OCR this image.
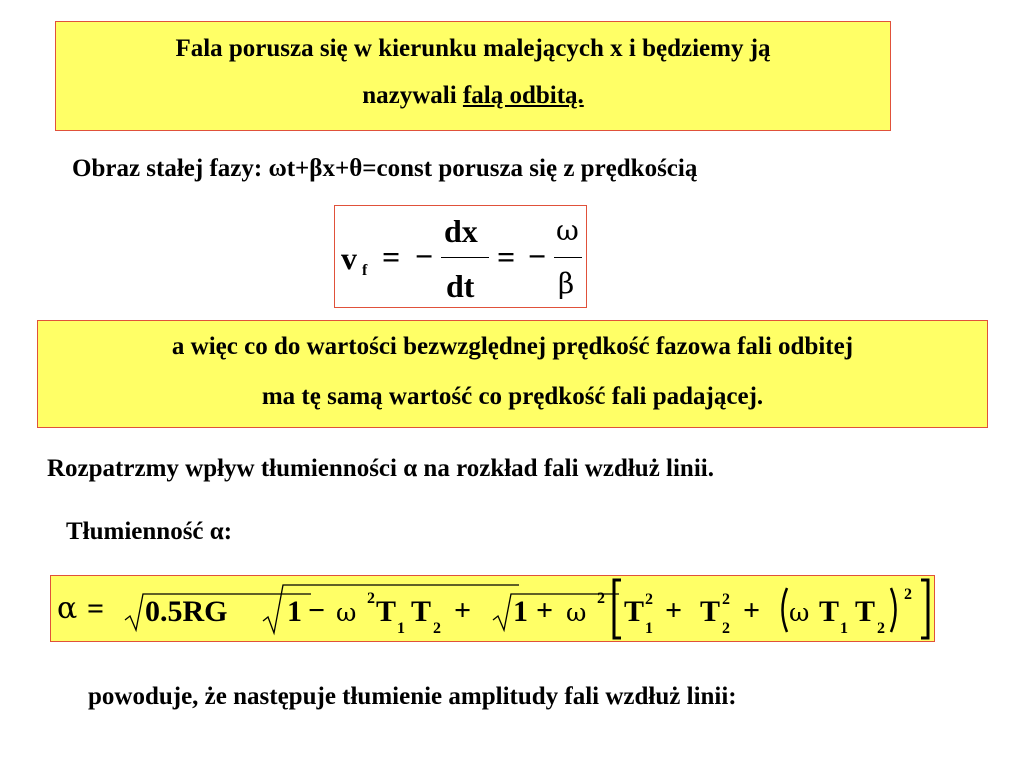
Fala porusza się w kierunku malejących x i będziemy ją
nazywali falą odbitą.
Obraz stałej fazy: ωt+βx+θ=const porusza się z prędkością
v f = −
dx
dt
= −
ω
β
a więc co do wartości bezwzględnej prędkość fazowa fali odbitej
ma tę samą wartość co prędkość fali padającej.
Rozpatrzmy wpływ tłumienności α na rozkład fali wzdłuż linii.
Tłumienność α:
α = 0.5RG 1 − ω 2 T
1
T
2
+ 1 + ω 2 T 2
1
+ T 2
2
+ ω T
1
T
2
2
powoduje, że następuje tłumienie amplitudy fali wzdłuż linii:
